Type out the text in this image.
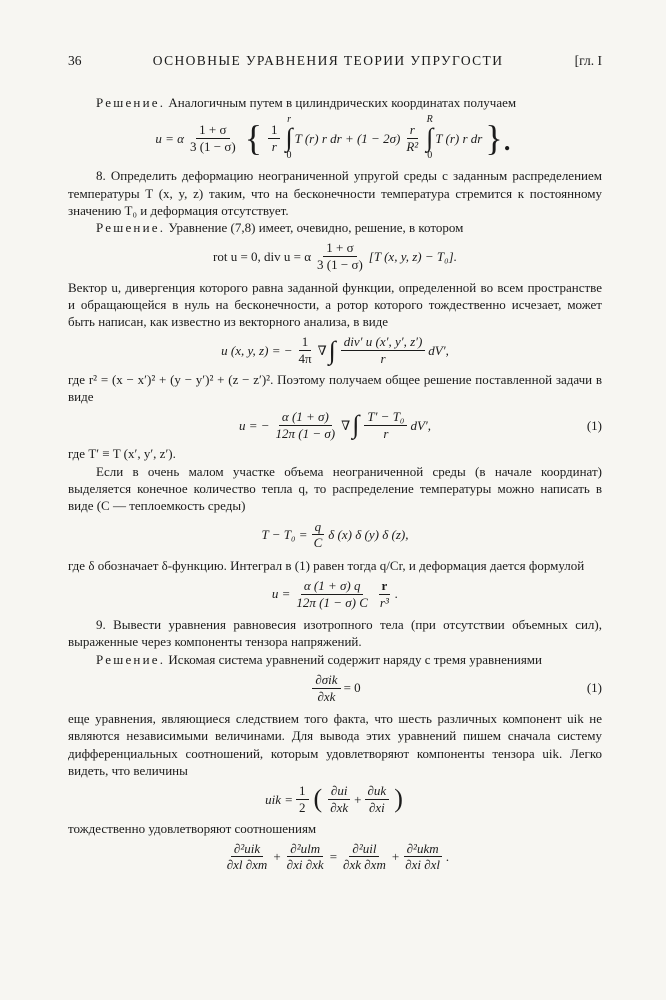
36	ОСНОВНЫЕ УРАВНЕНИЯ ТЕОРИИ УПРУГОСТИ	[гл. I

Решение. Аналогичным путем в цилиндрических координатах получаем

u = α $\frac{1 + \sigma}{3 (1 - \sigma)}$ { $\frac{1}{r}$
r
∫
0
T (r) r dr + $(1 - 2\sigma) \frac{r}{\text{R²}}$
R
∫
0
T (r) r dr }.

8. Определить деформацию неограниченной упругой среды с заданным распределением температуры T (x, y, z) таким, что на бесконечности температура стремится к постоянному значению T₀ и деформация отсутствует.

Решение. Уравнение (7,8) имеет, очевидно, решение, в котором

rot u = 0, div u = α $\frac{1 + \sigma}{3 (1 - \sigma)} [T$ (x, y, z) − T₀].

Вектор u, дивергенция которого равна заданной функции, определенной во всем пространстве и обращающейся в нуль на бесконечности, а ротор которого тождественно исчезает, может быть написан, как известно из векторного анализа, в виде

u (x, y, z) = − $\frac{1}{4\pi}$ ∇ ∫ $\frac{\text{div′ u (x′, y′, z′)}}{r} dV'$,

где r² = (x − x′)² + (y − y′)² + (z − z′)². Поэтому получаем общее решение поставленной задачи в виде

u = − $\frac{\alpha (1 + \sigma)}{12\pi (1 - \sigma)}$ ∇ ∫ $\frac{\text{T′ − T₀}}{r} dV'$,	(1)

где T′ ≡ T (x′, y′, z′).

Если в очень малом участке объема неограниченной среды (в начале координат) выделяется конечное количество тепла q, то распределение температуры можно написать в виде (C — теплоемкость среды)

$T - T_0 = \frac{q}{C}$ δ (x) δ (y) δ (z),

где δ обозначает δ-функцию. Интеграл в (1) равен тогда q/Cr, и деформация дается формулой

$u = \frac{\alpha (1 + \sigma) q}{12\pi (1 - \sigma) C} \frac{r}{\text{r³}}$ .

9. Вывести уравнения равновесия изотропного тела (при отсутствии объемных сил), выраженные через компоненты тензора напряжений.

Решение. Искомая система уравнений содержит наряду с тремя уравнениями

$\frac{\text{∂σik}}{\partial xk} = 0$	(1)

еще уравнения, являющиеся следствием того факта, что шесть различных компонент uik не являются независимыми величинами. Для вывода этих уравнений пишем сначала систему дифференциальных соотношений, которым удовлетворяют компоненты тензора uik. Легко видеть, что величины

uik = $\frac{1}{2}$ ( $\frac{\partial ui}{\partial xk} + \frac{\partial uk}{\partial xi}$ )

тождественно удовлетворяют соотношениям

$\frac{\text{∂²uik}}{\partial xl \partial xm} + \frac{\text{∂²ulm}}{\partial xi \partial xk} = \frac{\text{∂²uil}}{\partial xk \partial xm} + \frac{\text{∂²ukm}}{\partial xi \partial xl}$ .
